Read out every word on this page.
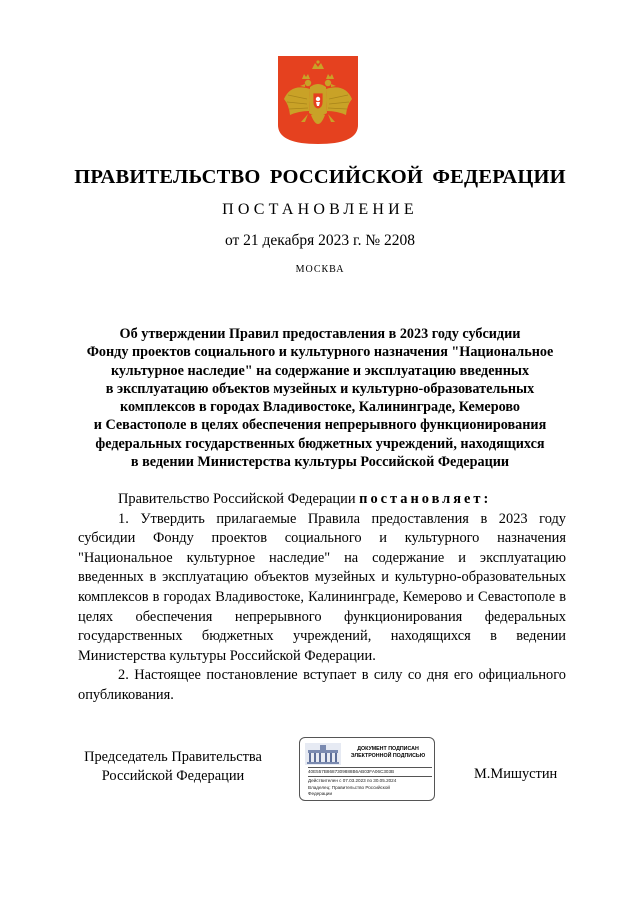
ПРАВИТЕЛЬСТВО РОССИЙСКОЙ ФЕДЕРАЦИИ
ПОСТАНОВЛЕНИЕ
от 21 декабря 2023 г. № 2208
МОСКВА
Об утверждении Правил предоставления в 2023 году субсидии
Фонду проектов социального и культурного назначения "Национальное
культурное наследие" на содержание и эксплуатацию введенных
в эксплуатацию объектов музейных и культурно-образовательных
комплексов в городах Владивостоке, Калининграде, Кемерово
и Севастополе в целях обеспечения непрерывного функционирования
федеральных государственных бюджетных учреждений, находящихся
в ведении Министерства культуры Российской Федерации

Правительство Российской Федерации постановляет:

1. Утвердить прилагаемые Правила предоставления в 2023 году субсидии Фонду проектов социального и культурного назначения "Национальное культурное наследие" на содержание и эксплуатацию введенных в эксплуатацию объектов музейных и культурно-образовательных комплексов в городах Владивостоке, Калининграде, Кемерово и Севастополе в целях обеспечения непрерывного функционирования федеральных государственных бюджетных учреждений, находящихся в ведении Министерства культуры Российской Федерации.

2. Настоящее постановление вступает в силу со дня его официального опубликования.

Председатель Правительства
Российской Федерации
ДОКУМЕНТ ПОДПИСАН
ЭЛЕКТРОННОЙ ПОДПИСЬЮ
40E557B8687309888B6AB03FA06C303B
Действителен с 07.03.2023 по 30.05.2024
Владелец: Правительство Российской
Федерации
М.Мишустин
